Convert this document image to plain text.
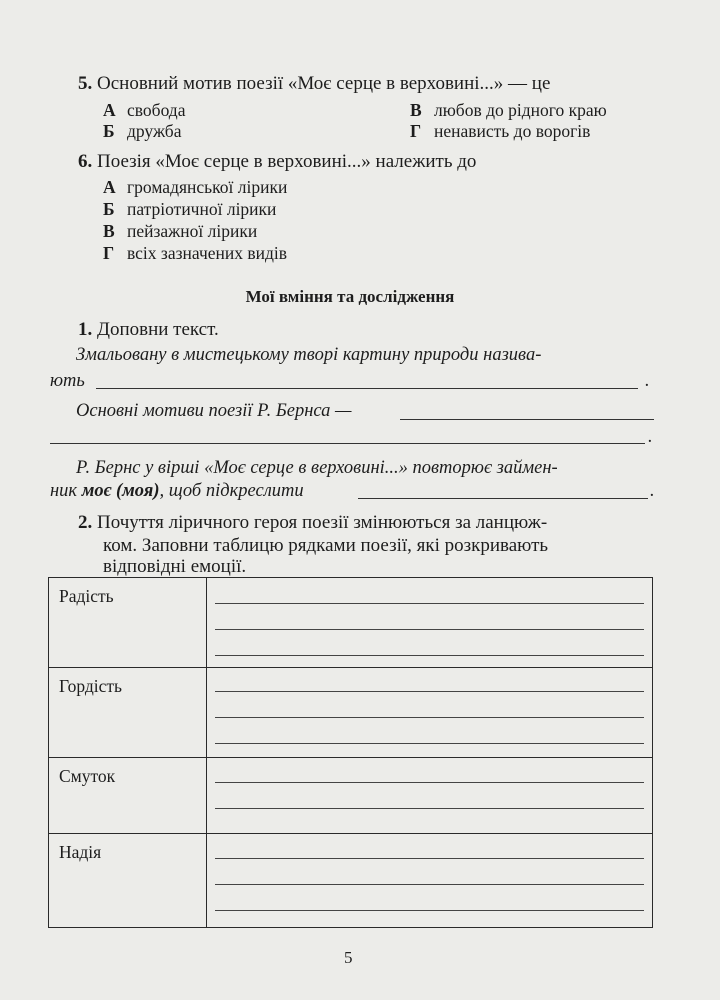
5. Основний мотив поезії «Моє серце в верховині...» — це
А свобода
Б дружба
В любов до рідного краю
Г ненависть до ворогів
6. Поезія «Моє серце в верховині...» належить до
А громадянської лірики
Б патріотичної лірики
В пейзажної лірики
Г всіх зазначених видів
Мої вміння та дослідження
1. Доповни текст.
Змальовану в мистецькому творі картину природи назива-
ють	.
Основні мотиви поезії Р. Бернса —
.
Р. Бернс у вірші «Моє серце в верховині...» повторює займен-
ник моє (моя), щоб підкреслити	.
2. Почуття ліричного героя поезії змінюються за ланцюж-
ком. Заповни таблицю рядками поезії, які розкривають
відповідні емоції.
Радість	

Гордість	

Смуток	

Надія	
5
